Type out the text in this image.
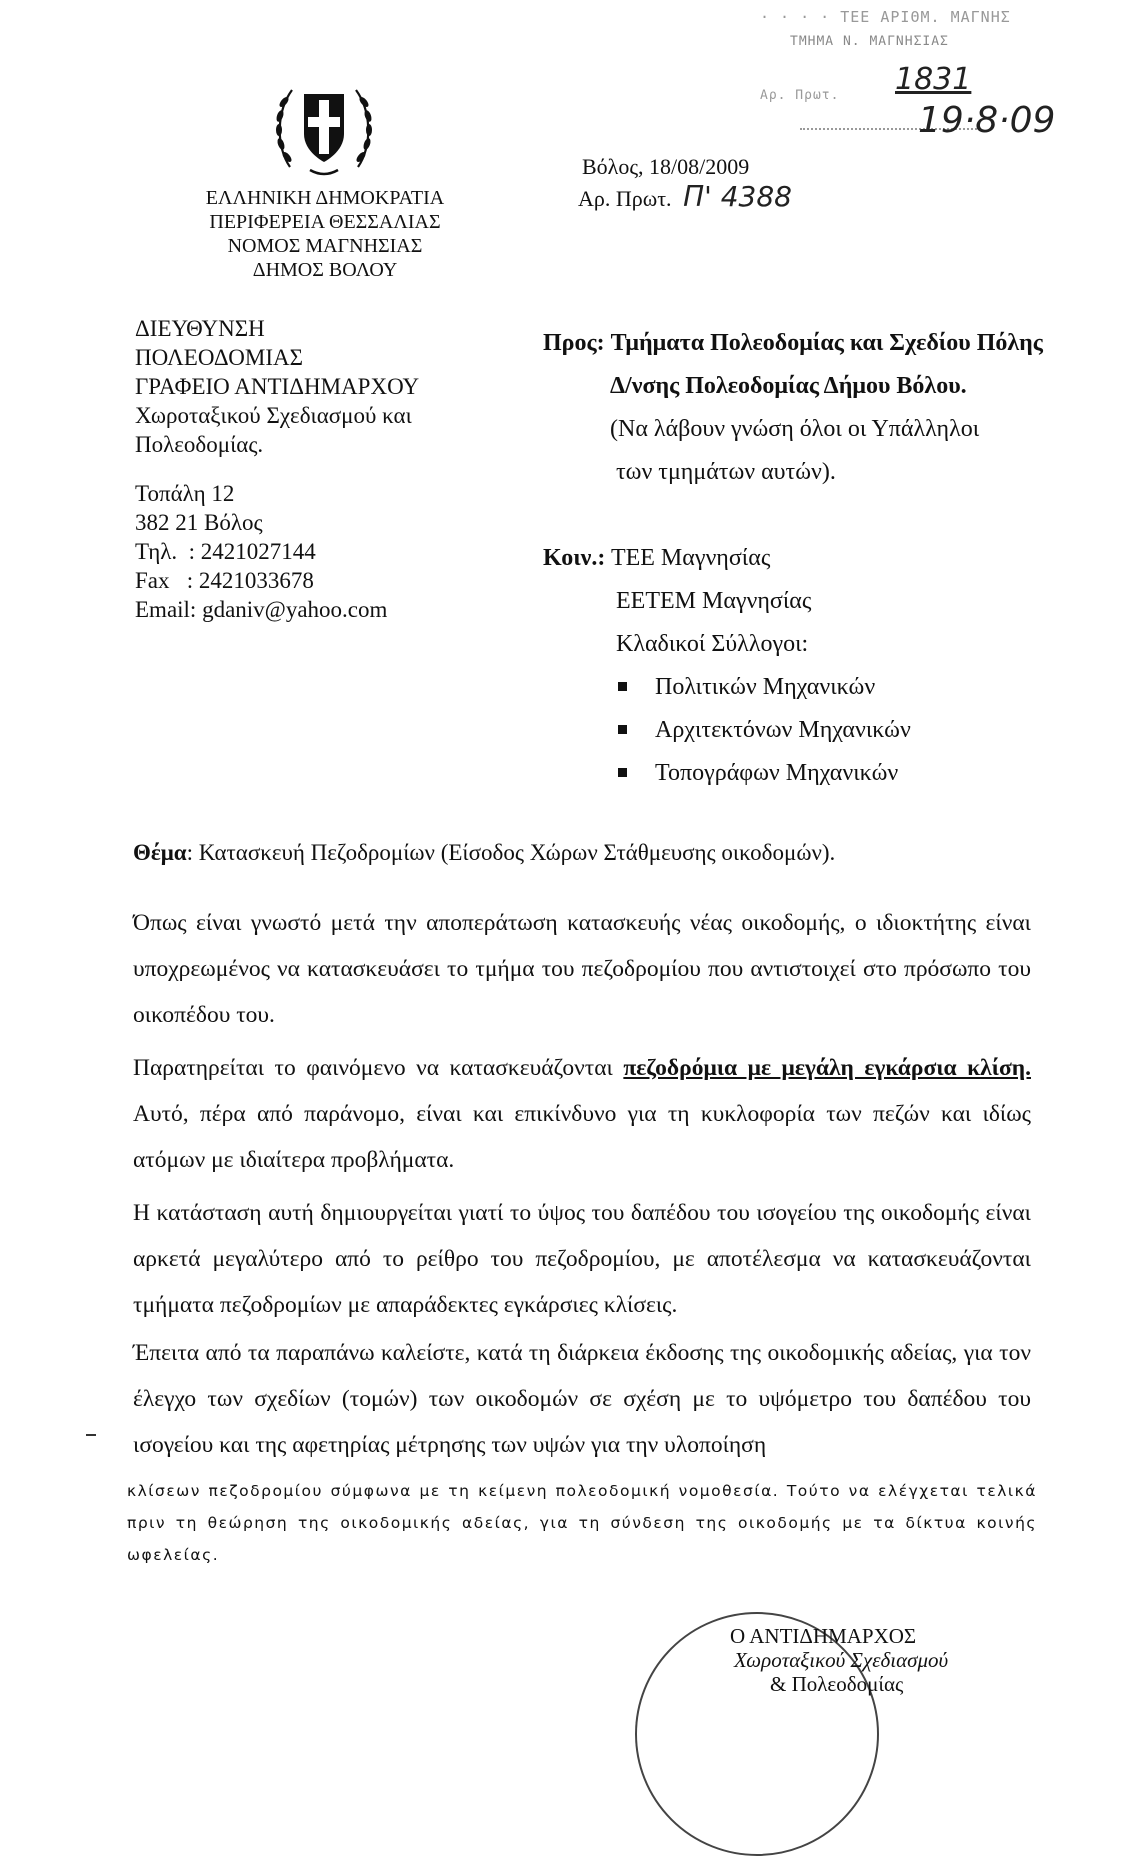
· · · · ΤΕΕ ΑΡΙΘΜ. ΜΑΓΝΗΣ
ΤΜΗΜΑ Ν. ΜΑΓΝΗΣΙΑΣ
Αρ. Πρωτ. 1831
19·8·09
ΕΛΛΗΝΙΚΗ ΔΗΜΟΚΡΑΤΙΑ
ΠΕΡΙΦΕΡΕΙΑ ΘΕΣΣΑΛΙΑΣ
ΝΟΜΟΣ ΜΑΓΝΗΣΙΑΣ
ΔΗΜΟΣ ΒΟΛΟΥ
Βόλος, 18/08/2009
Αρ. Πρωτ. Π' 4388
ΔΙΕΥΘΥΝΣΗ
ΠΟΛΕΟΔΟΜΙΑΣ
ΓΡΑΦΕΙΟ ΑΝΤΙΔΗΜΑΡΧΟΥ
Χωροταξικού Σχεδιασμού και
Πολεοδομίας.
Τοπάλη 12
382 21 Βόλος
Τηλ.  : 2421027144
Fax   : 2421033678
Email: gdaniv@yahoo.com
Προς: Τμήματα Πολεοδομίας και Σχεδίου Πόλης
Δ/νσης Πολεοδομίας Δήμου Βόλου.
(Να λάβουν γνώση όλοι οι Υπάλληλοι
των τμημάτων αυτών).
Κοιν.: ΤΕΕ Μαγνησίας
ΕΕΤΕΜ Μαγνησίας
Κλαδικοί Σύλλογοι:
Πολιτικών Μηχανικών
Αρχιτεκτόνων Μηχανικών
Τοπογράφων Μηχανικών
Θέμα: Κατασκευή Πεζοδρομίων (Είσοδος Χώρων Στάθμευσης οικοδομών).
Όπως είναι γνωστό μετά την αποπεράτωση κατασκευής νέας οικοδομής, ο ιδιοκτήτης είναι υποχρεωμένος να κατασκευάσει το τμήμα του πεζοδρομίου που αντιστοιχεί στο πρόσωπο του οικοπέδου του.
Παρατηρείται το φαινόμενο να κατασκευάζονται πεζοδρόμια με μεγάλη εγκάρσια κλίση. Αυτό, πέρα από παράνομο, είναι και επικίνδυνο για τη κυκλοφορία των πεζών και ιδίως ατόμων με ιδιαίτερα προβλήματα.
Η κατάσταση αυτή δημιουργείται γιατί το ύψος του δαπέδου του ισογείου της οικοδομής είναι αρκετά μεγαλύτερο από το ρείθρο του πεζοδρομίου, με αποτέλεσμα να κατασκευάζονται τμήματα πεζοδρομίων με απαράδεκτες εγκάρσιες κλίσεις.
Έπειτα από τα παραπάνω καλείστε, κατά τη διάρκεια έκδοσης της οικοδομικής αδείας, για τον έλεγχο των σχεδίων (τομών) των οικοδομών σε σχέση με το υψόμετρο του δαπέδου του ισογείου και της αφετηρίας μέτρησης των υψών για την υλοποίηση
κλίσεων πεζοδρομίου σύμφωνα με τη κείμενη πολεοδομική νομοθεσία. Τούτο να ελέγχεται τελικά πριν τη θεώρηση της οικοδομικής αδείας, για τη σύνδεση της οικοδομής με τα δίκτυα κοινής ωφελείας.
Ο ΑΝΤΙΔΗΜΑΡΧΟΣ
Χωροταξικού Σχεδιασμού
& Πολεοδομίας
